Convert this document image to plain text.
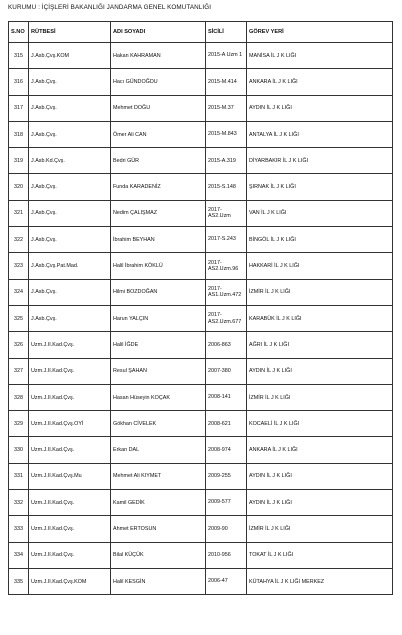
KURUMU : İÇİŞLERİ BAKANLIĞI JANDARMA GENEL KOMUTANLIĞI
S.NO	RÜTBESİ	ADI SOYADI	SİCİLİ	GÖREV YERİ
315	J.Asb.Çvş.KOM	Hakan KAHRAMAN	2015-A Uzm 1	MANİSA İL J K LIĞI
316	J.Asb.Çvş.	Hacı GÜNDOĞDU	2015-M.414	ANKARA İL J K LIĞI
317	J.Asb.Çvş.	Mehmet DOĞU	2015-M.37	AYDIN İL J K LIĞI
318	J.Asb.Çvş.	Ömer Ali CAN	2015-M.843	ANTALYA İL J K LIĞI
319	J.Asb.Kd.Çvş.	Bedri GÜR	2015-A.319	DİYARBAKIR İL J K LIĞI
320	J.Asb.Çvş.	Funda KARADENİZ	2015-S.148	ŞIRNAK İL J K LIĞI
321	J.Asb.Çvş.	Nedim ÇALIŞMAZ	2017-AS2.Uzm	VAN İL J K LIĞI
322	J.Asb.Çvş.	İbrahim BEYHAN	2017-S.243	BİNGÖL İL J K LIĞI
323	J.Asb.Çvş.Pat.Mad.	Halil İbrahim KÖKLÜ	2017-AS2.Uzm.96	HAKKARİ İL J K LIĞI
324	J.Asb.Çvş.	Hilmi BOZDOĞAN	2017-AS1.Uzm.472	İZMİR İL J K LIĞI
325	J.Asb.Çvş.	Harun YALÇIN	2017-AS2.Uzm.677	KARABÜK İL J K LIĞI
326	Uzm.J.II.Kad.Çvş.	Halil İĞDE	2006-863	AĞRI İL J K LIĞI
327	Uzm.J.II.Kad.Çvş.	Resul ŞAHAN	2007-380	AYDIN İL J K LIĞI
328	Uzm.J.II.Kad.Çvş.	Hasan Hüseyin KOÇAK	2008-141	İZMİR İL J K LIĞI
329	Uzm.J.II.Kad.Çvş.OYİ	Gökhan CİVELEK	2008-621	KOCAELİ İL J K LIĞI
330	Uzm.J.II.Kad.Çvş.	Erkan DAL	2008-974	ANKARA İL J K LIĞI
331	Uzm.J.II.Kad.Çvş.Mu	Mehmet Ali KIYMET	2009-255	AYDIN İL J K LIĞI
332	Uzm.J.II.Kad.Çvş.	Kamil GEDİK	2009-577	AYDIN İL J K LIĞI
333	Uzm.J.II.Kad.Çvş.	Ahmet ERTOSUN	2009-90	İZMİR İL J K LIĞI
334	Uzm.J.II.Kad.Çvş.	Bilal KÜÇÜK	2010-956	TOKAT İL J K LIĞI
335	Uzm.J.II.Kad.Çvş.KOM	Halil KESGİN	2006-47	KÜTAHYA İL J K LIĞI MERKEZ
